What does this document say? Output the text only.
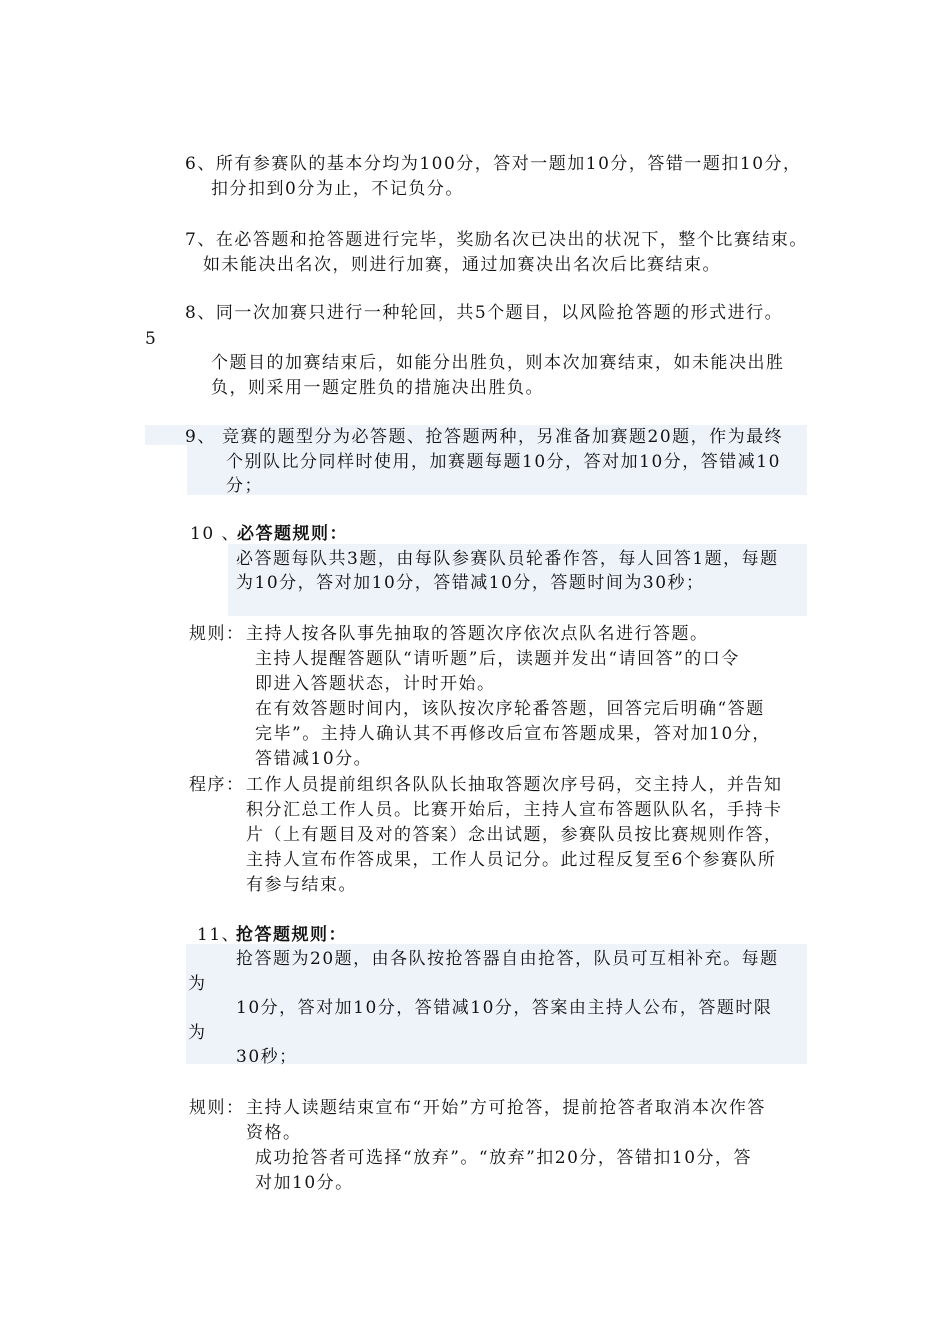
6、所有参赛队的基本分均为100分，答对一题加10分，答错一题扣10分，
扣分扣到0分为止，不记负分。
7、在必答题和抢答题进行完毕，奖励名次已决出的状况下，整个比赛结束。
如未能决出名次，则进行加赛，通过加赛决出名次后比赛结束。
8、同一次加赛只进行一种轮回，共5个题目，以风险抢答题的形式进行。
5
个题目的加赛结束后，如能分出胜负，则本次加赛结束，如未能决出胜
负，则采用一题定胜负的措施决出胜负。
9、 竞赛的题型分为必答题、抢答题两种，另准备加赛题20题，作为最终
个别队比分同样时使用，加赛题每题10分，答对加10分，答错减10
分；
10 、
必答题规则：
必答题每队共3题，由每队参赛队员轮番作答，每人回答1题，每题
为10分，答对加10分，答错减10分，答题时间为30秒；
规则： 主持人按各队事先抽取的答题次序依次点队名进行答题。
主持人提醒答题队“请听题”后，读题并发出“请回答”的口令
即进入答题状态，计时开始。
在有效答题时间内，该队按次序轮番答题，回答完后明确“答题
完毕”。主持人确认其不再修改后宣布答题成果，答对加10分，
答错减10分。
程序： 工作人员提前组织各队队长抽取答题次序号码，交主持人，并告知
积分汇总工作人员。比赛开始后，主持人宣布答题队队名，手持卡
片（上有题目及对的答案）念出试题，参赛队员按比赛规则作答，
主持人宣布作答成果，工作人员记分。此过程反复至6个参赛队所
有参与结束。
11、
抢答题规则：
抢答题为20题，由各队按抢答器自由抢答，队员可互相补充。每题
为
10分，答对加10分，答错减10分，答案由主持人公布，答题时限
为
30秒；
规则： 主持人读题结束宣布“开始”方可抢答，提前抢答者取消本次作答
资格。
成功抢答者可选择“放弃”。“放弃”扣20分，答错扣10分，答
对加10分。
